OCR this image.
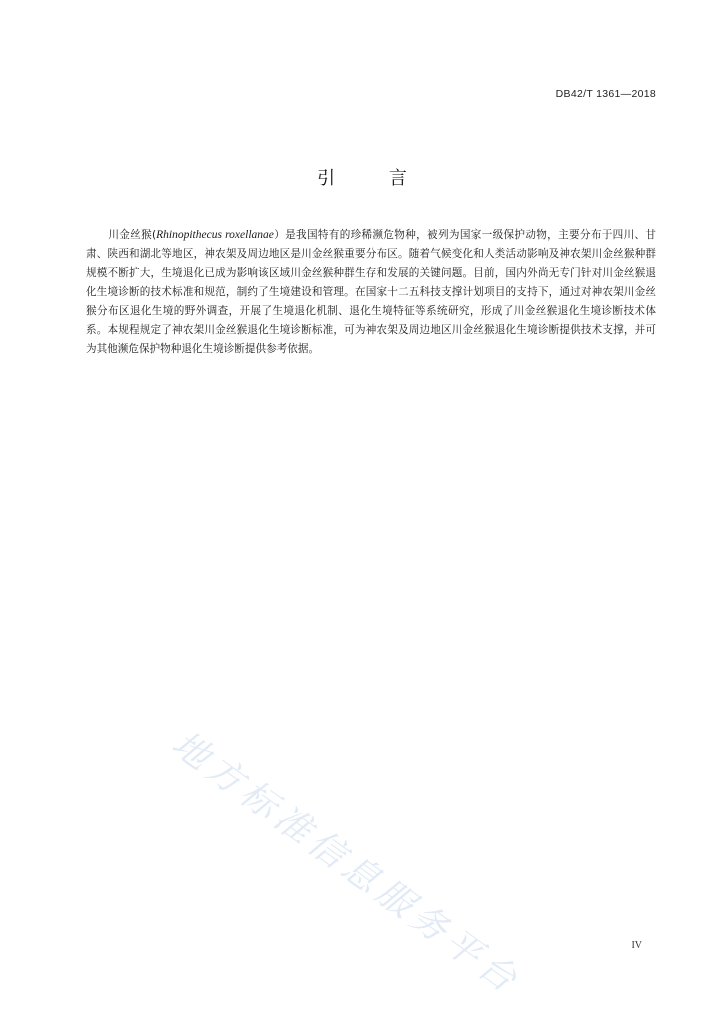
DB42/T 1361—2018
引 言
川金丝猴(Rhinopithecus roxellanae）是我国特有的珍稀濒危物种，被列为国家一级保护动物，主要分布于四川、甘肃、陕西和湖北等地区，神农架及周边地区是川金丝猴重要分布区。随着气候变化和人类活动影响及神农架川金丝猴种群规模不断扩大，生境退化已成为影响该区域川金丝猴种群生存和发展的关键问题。目前，国内外尚无专门针对川金丝猴退化生境诊断的技术标准和规范，制约了生境建设和管理。在国家十二五科技支撑计划项目的支持下，通过对神农架川金丝猴分布区退化生境的野外调查，开展了生境退化机制、退化生境特征等系统研究，形成了川金丝猴退化生境诊断技术体系。本规程规定了神农架川金丝猴退化生境诊断标准，可为神农架及周边地区川金丝猴退化生境诊断提供技术支撑，并可为其他濒危保护物种退化生境诊断提供参考依据。
地方标准信息服务平台	IV
